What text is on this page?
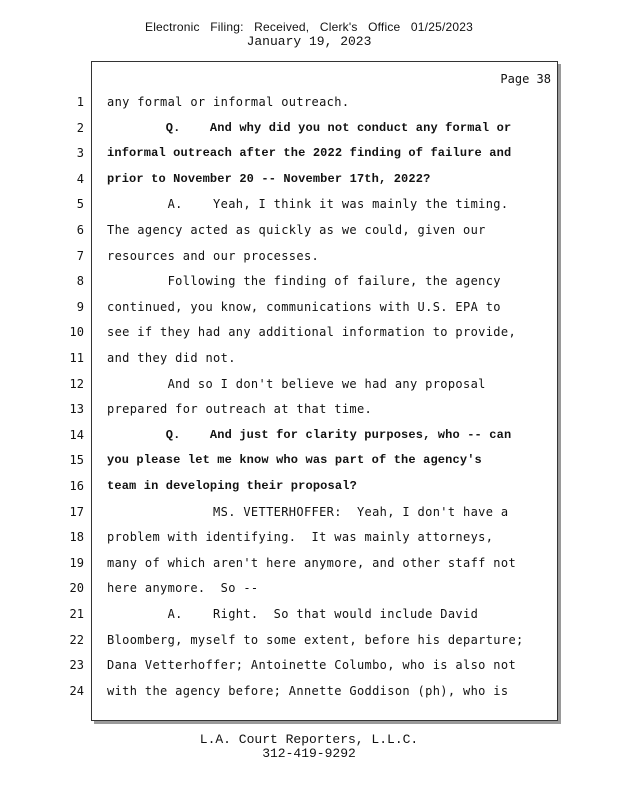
Electronic Filing: Received, Clerk's Office 01/25/2023
January 19, 2023
Page 38
1 any formal or informal outreach.
2 Q.    And why did you not conduct any formal or
3 informal outreach after the 2022 finding of failure and
4 prior to November 20 -- November 17th, 2022?
5 A.    Yeah, I think it was mainly the timing.
6 The agency acted as quickly as we could, given our
7 resources and our processes.
8 Following the finding of failure, the agency
9 continued, you know, communications with U.S. EPA to
10 see if they had any additional information to provide,
11 and they did not.
12 And so I don't believe we had any proposal
13 prepared for outreach at that time.
14 Q.    And just for clarity purposes, who -- can
15 you please let me know who was part of the agency's
16 team in developing their proposal?
17 MS. VETTERHOFFER:  Yeah, I don't have a
18 problem with identifying.  It was mainly attorneys,
19 many of which aren't here anymore, and other staff not
20 here anymore.  So --
21 A.    Right.  So that would include David
22 Bloomberg, myself to some extent, before his departure;
23 Dana Vetterhoffer; Antoinette Columbo, who is also not
24 with the agency before; Annette Goddison (ph), who is
L.A. Court Reporters, L.L.C.
312-419-9292
